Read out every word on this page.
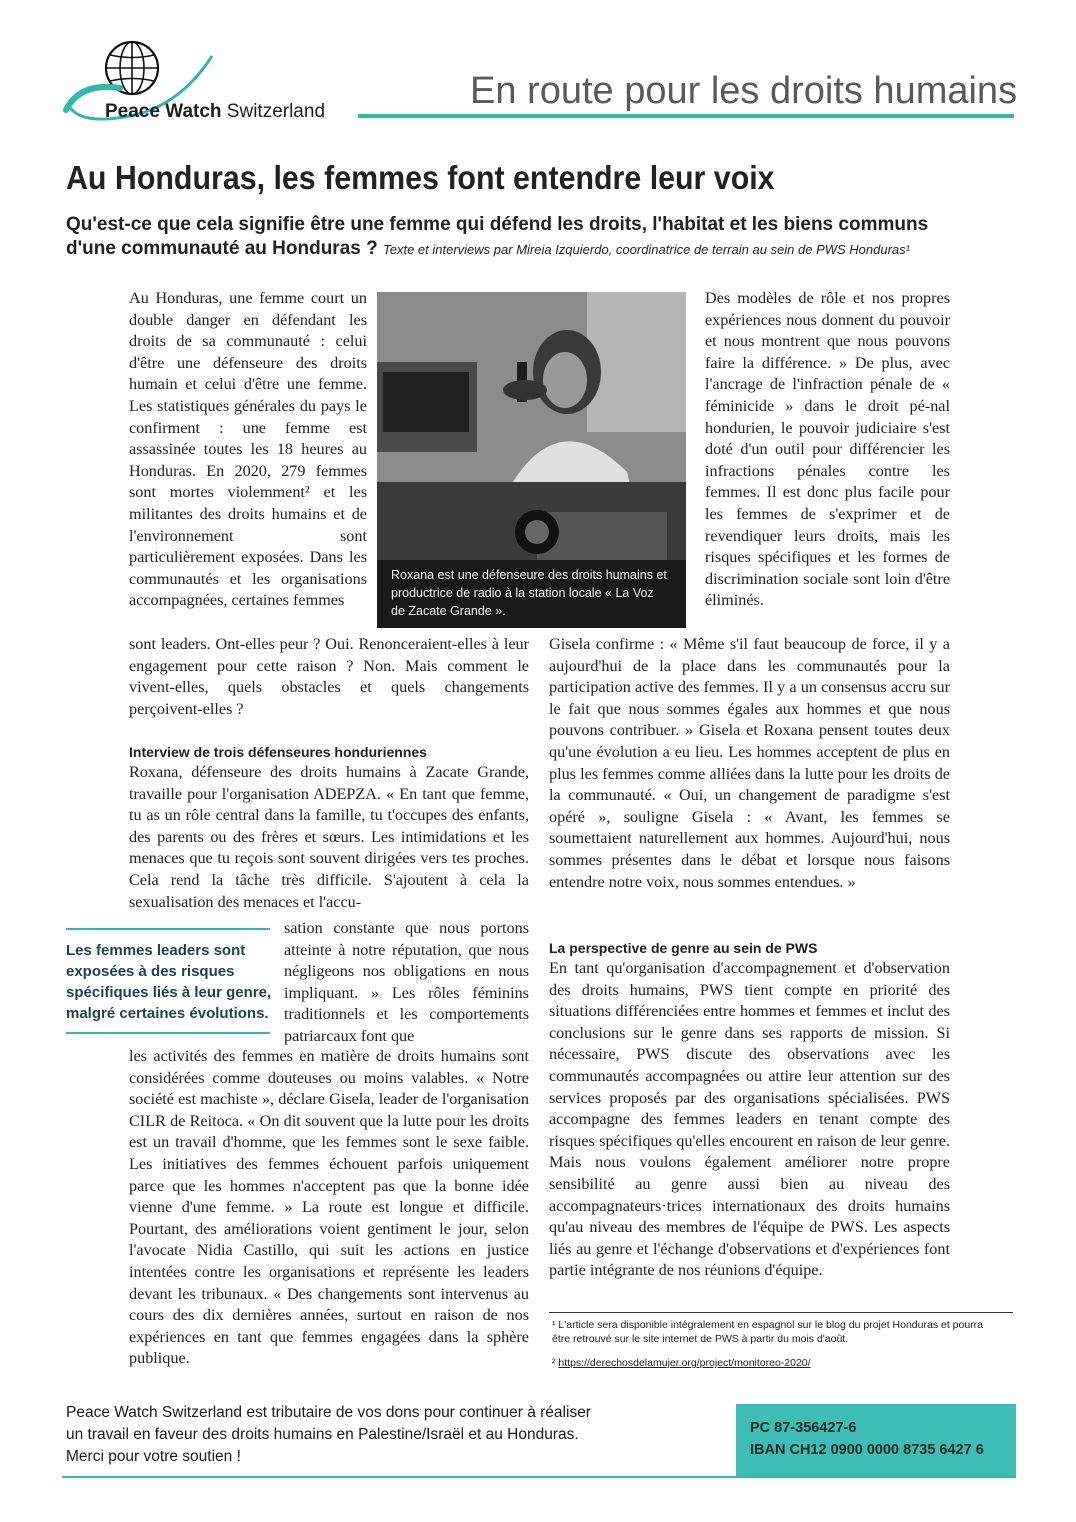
Peace Watch Switzerland	En route pour les droits humains
Au Honduras, les femmes font entendre leur voix
Qu'est-ce que cela signifie être une femme qui défend les droits, l'habitat et les biens communs d'une communauté au Honduras ? Texte et interviews par Mireia Izquierdo, coordinatrice de terrain au sein de PWS Honduras¹
Roxana est une défenseure des droits humains et productrice de radio à la station locale « La Voz de Zacate Grande ».

Au Honduras, une femme court un double danger en défendant les droits de sa communauté : celui d'être une défenseure des droits humain et celui d'être une femme. Les statistiques générales du pays le confirment : une femme est assassinée toutes les 18 heures au Honduras. En 2020, 279 femmes sont mortes violemment² et les militantes des droits humains et de l'environnement sont particulièrement exposées. Dans les communautés et les organisations accompagnées, certaines femmes

sont leaders. Ont-elles peur ? Oui. Renonceraient-elles à leur engagement pour cette raison ? Non. Mais comment le vivent-elles, quels obstacles et quels changements perçoivent-elles ?

Interview de trois défenseures honduriennes

Roxana, défenseure des droits humains à Zacate Grande, travaille pour l'organisation ADEPZA. « En tant que femme, tu as un rôle central dans la famille, tu t'occupes des enfants, des parents ou des frères et sœurs. Les intimidations et les menaces que tu reçois sont souvent dirigées vers tes proches. Cela rend la tâche très difficile. S'ajoutent à cela la sexualisation des menaces et l'accu-

Les femmes leaders sont exposées à des risques spécifiques liés à leur genre, malgré certaines évolutions.

sation constante que nous portons atteinte à notre réputation, que nous négligeons nos obligations en nous impliquant. » Les rôles féminins traditionnels et les comportements patriarcaux font que

les activités des femmes en matière de droits humains sont considérées comme douteuses ou moins valables. « Notre société est machiste », déclare Gisela, leader de l'organisation CILR de Reitoca. « On dit souvent que la lutte pour les droits est un travail d'homme, que les femmes sont le sexe faible. Les initiatives des femmes échouent parfois uniquement parce que les hommes n'acceptent pas que la bonne idée vienne d'une femme. » La route est longue et difficile. Pourtant, des améliorations voient gentiment le jour, selon l'avocate Nidia Castillo, qui suit les actions en justice intentées contre les organisations et représente les leaders devant les tribunaux. « Des changements sont intervenus au cours des dix dernières années, surtout en raison de nos expériences en tant que femmes engagées dans la sphère publique.

Des modèles de rôle et nos propres expériences nous donnent du pouvoir et nous montrent que nous pouvons faire la différence. » De plus, avec l'ancrage de l'infraction pénale de « féminicide » dans le droit pé-nal hondurien, le pouvoir judiciaire s'est doté d'un outil pour différencier les infractions pénales contre les femmes. Il est donc plus facile pour les femmes de s'exprimer et de revendiquer leurs droits, mais les risques spécifiques et les formes de discrimination sociale sont loin d'être éliminés.

Gisela confirme : « Même s'il faut beaucoup de force, il y a aujourd'hui de la place dans les communautés pour la participation active des femmes. Il y a un consensus accru sur le fait que nous sommes égales aux hommes et que nous pouvons contribuer. » Gisela et Roxana pensent toutes deux qu'une évolution a eu lieu. Les hommes acceptent de plus en plus les femmes comme alliées dans la lutte pour les droits de la communauté. « Oui, un changement de paradigme s'est opéré », souligne Gisela : « Avant, les femmes se soumettaient naturellement aux hommes. Aujourd'hui, nous sommes présentes dans le débat et lorsque nous faisons entendre notre voix, nous sommes entendues. »

La perspective de genre au sein de PWS

En tant qu'organisation d'accompagnement et d'observation des droits humains, PWS tient compte en priorité des situations différenciées entre hommes et femmes et inclut des conclusions sur le genre dans ses rapports de mission. Si nécessaire, PWS discute des observations avec les communautés accompagnées ou attire leur attention sur des services proposés par des organisations spécialisées. PWS accompagne des femmes leaders en tenant compte des risques spécifiques qu'elles encourent en raison de leur genre. Mais nous voulons également améliorer notre propre sensibilité au genre aussi bien au niveau des accompagnateurs·trices internationaux des droits humains qu'au niveau des membres de l'équipe de PWS. Les aspects liés au genre et l'échange d'observations et d'expériences font partie intégrante de nos réunions d'équipe.

¹ L'article sera disponible intégralement en espagnol sur le blog du projet Honduras et pourra être retrouvé sur le site internet de PWS à partir du mois d'août.
² https://derechosdelamujer.org/project/monitoreo-2020/
Peace Watch Switzerland est tributaire de vos dons pour continuer à réaliser
un travail en faveur des droits humains en Palestine/Israël et au Honduras.
Merci pour votre soutien !
PC 87-356427-6
IBAN CH12 0900 0000 8735 6427 6
